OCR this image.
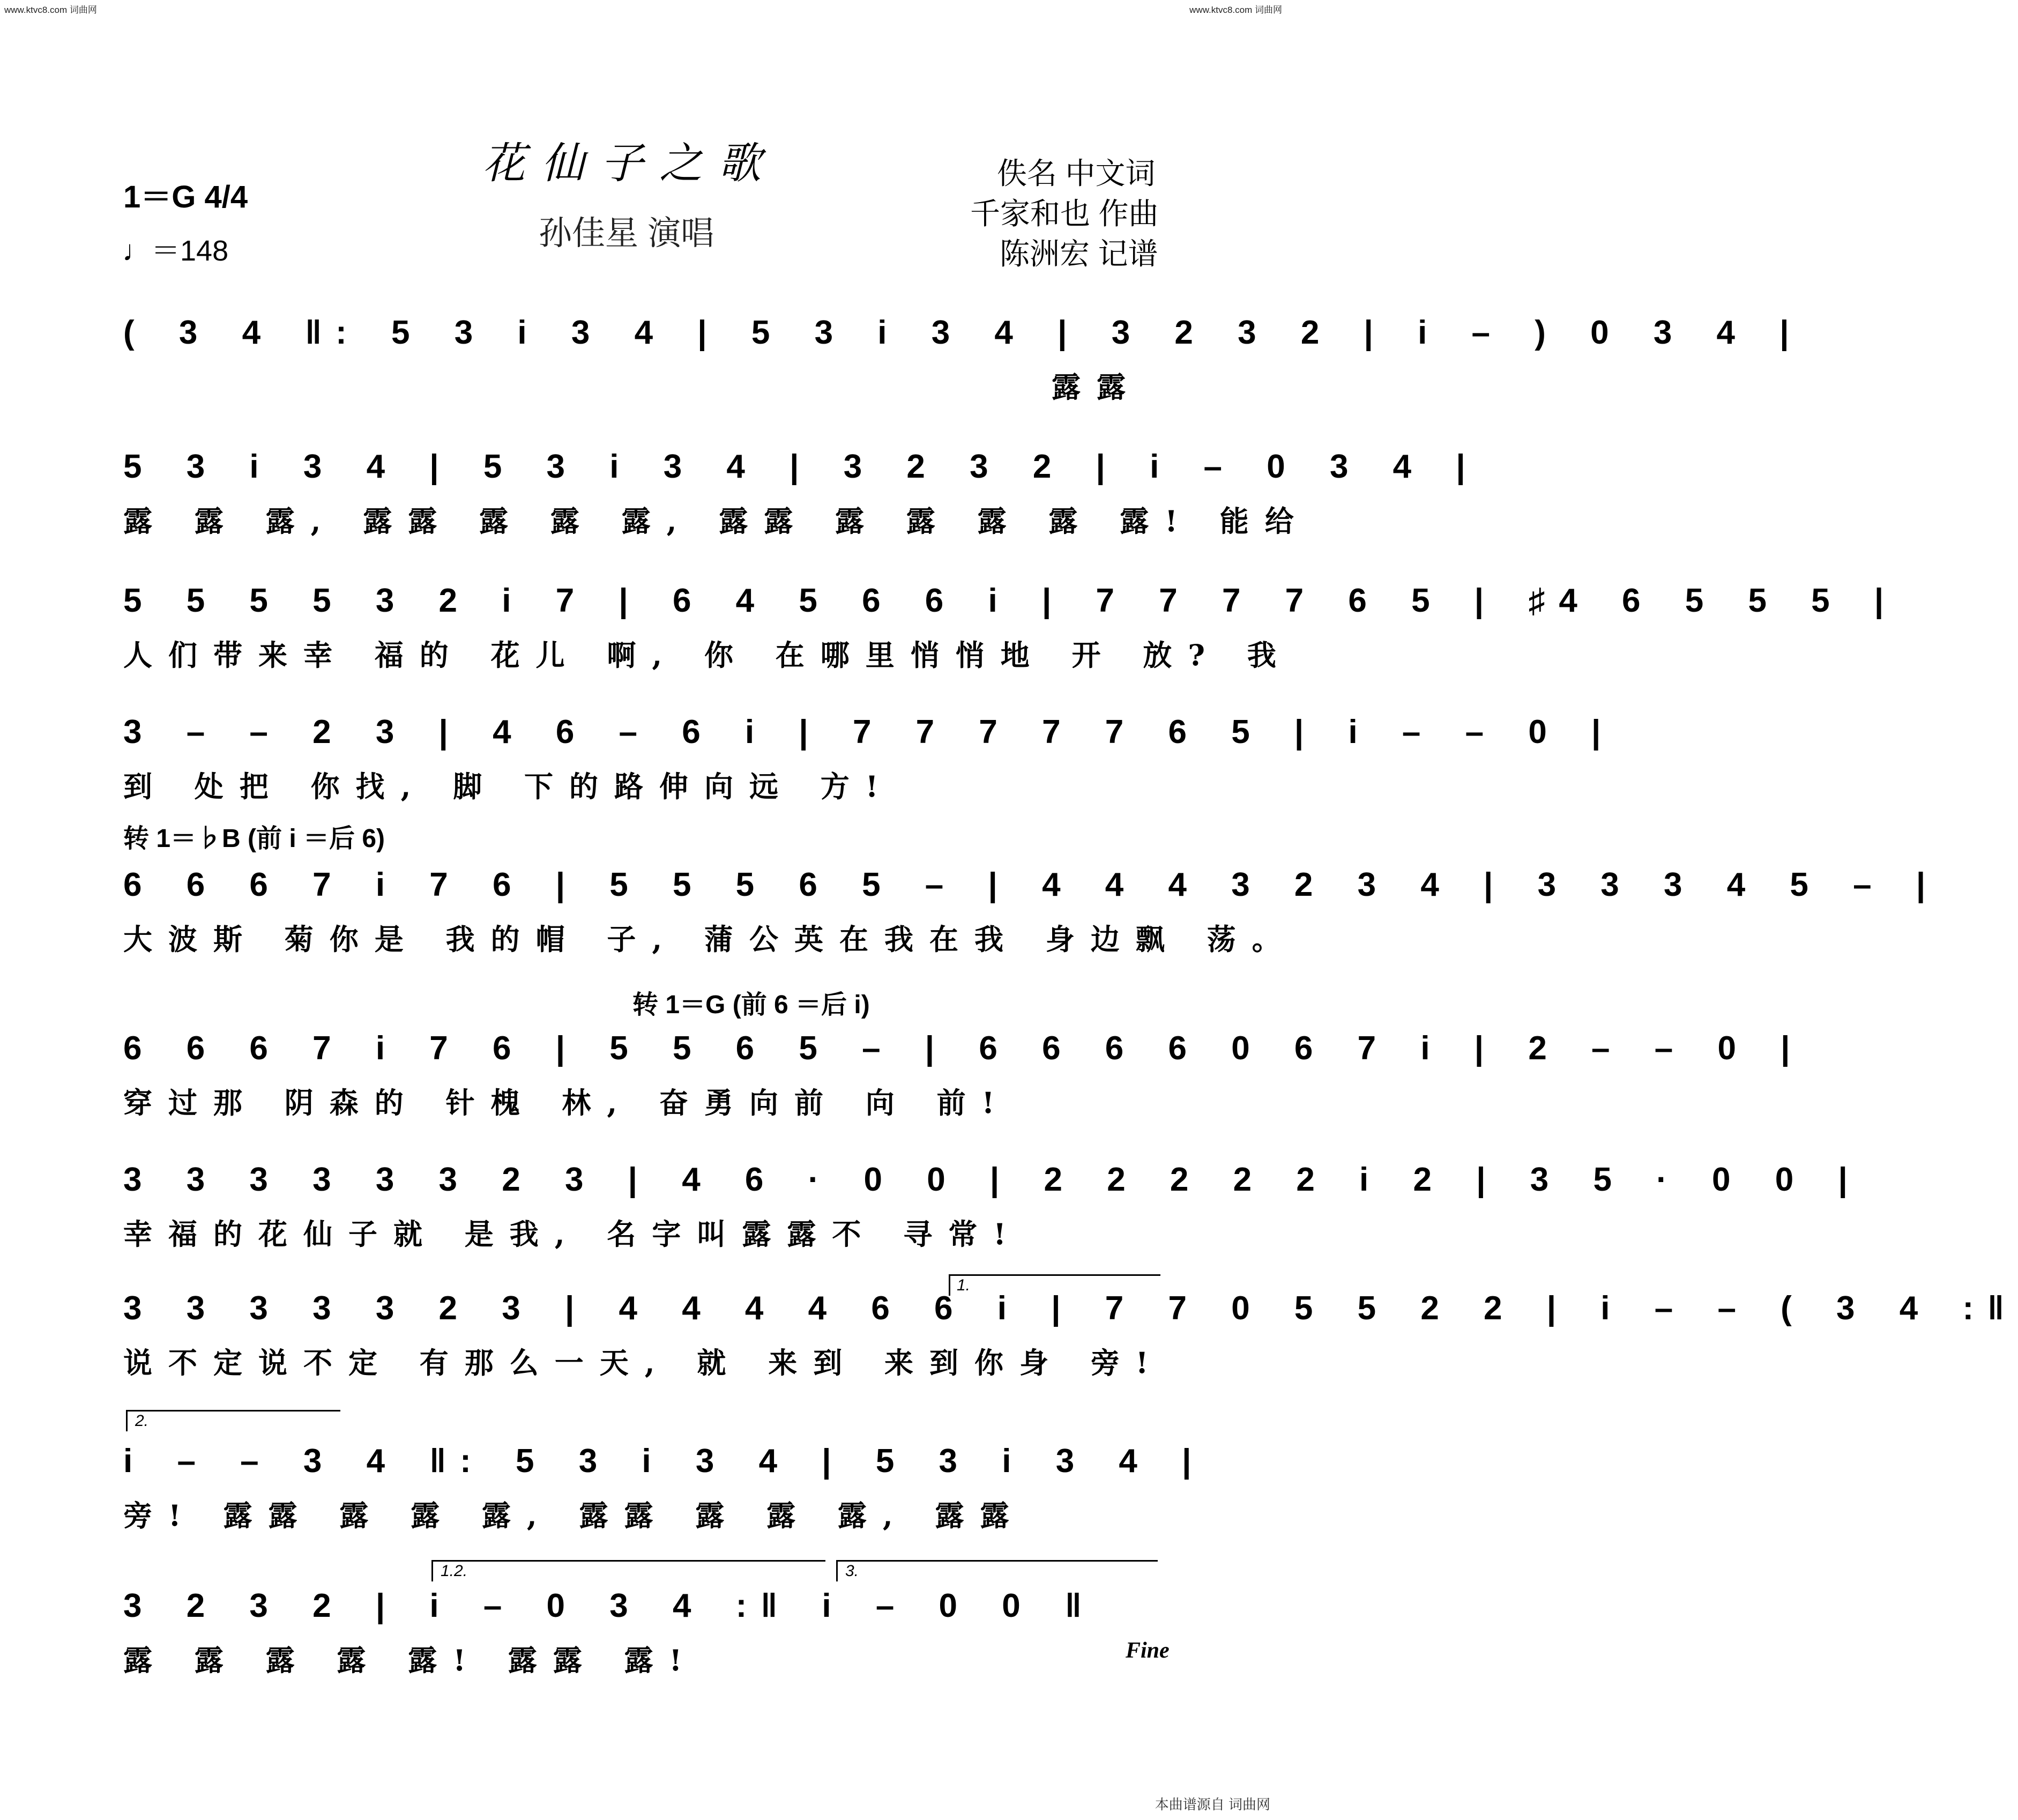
www.ktvc8.com 词曲网	www.ktvc8.com 词曲网
花仙子之歌
孙佳星 演唱
佚名 中文词
千家和也 作曲
陈洲宏 记谱
1＝G 4/4
♩＝148
( 3 4 ‖: 5 3 i 3 4 | 5 3 i 3 4 | 3 2 3 2 | i – ) 0 3 4 |
露露
5 3 i 3 4 | 5 3 i 3 4 | 3 2 3 2 | i – 0 3 4 |
露 露 露, 露露 露 露 露, 露露 露 露 露 露 露! 能给
5 5 5 5 3 2 i 7 | 6 4 5 6 6 i | 7 7 7 7 6 5 | ♯4 6 5 5 5 |
人们带来幸 福的 花儿 啊, 你 在哪里悄悄地 开 放? 我
3 – – 2 3 | 4 6 – 6 i | 7 7 7 7 7 6 5 | i – – 0 |
到 处把 你找, 脚 下的路伸向远 方!
转 1＝♭B (前 i ＝后 6)
6 6 6 7 i 7 6 | 5 5 5 6 5 – | 4 4 4 3 2 3 4 | 3 3 3 4 5 – |
大波斯 菊你是 我的帽 子, 蒲公英在我在我 身边飘 荡。
转 1＝G (前 6 ＝后 i)
6 6 6 7 i 7 6 | 5 5 6 5 – | 6 6 6 6 0 6 7 i | 2 – – 0 |
穿过那 阴森的 针槐 林, 奋勇向前 向 前!
3 3 3 3 3 3 2 3 | 4 6 · 0 0 | 2 2 2 2 2 i 2 | 3 5 · 0 0 |
幸福的花仙子就 是我, 名字叫露露不 寻常!
1.
3 3 3 3 3 2 3 | 4 4 4 4 6 6 i | 7 7 0 5 5 2 2 | i – – ( 3 4 :‖
说不定说不定 有那么一天, 就 来到 来到你身 旁!
2.
i – – 3 4 ‖: 5 3 i 3 4 | 5 3 i 3 4 |
旁! 露露 露 露 露, 露露 露 露 露, 露露
1.2.	3.
3 2 3 2 | i – 0 3 4 :‖ i – 0 0 ‖
露 露 露 露 露! 露露 露!	Fine
本曲谱源自 词曲网
